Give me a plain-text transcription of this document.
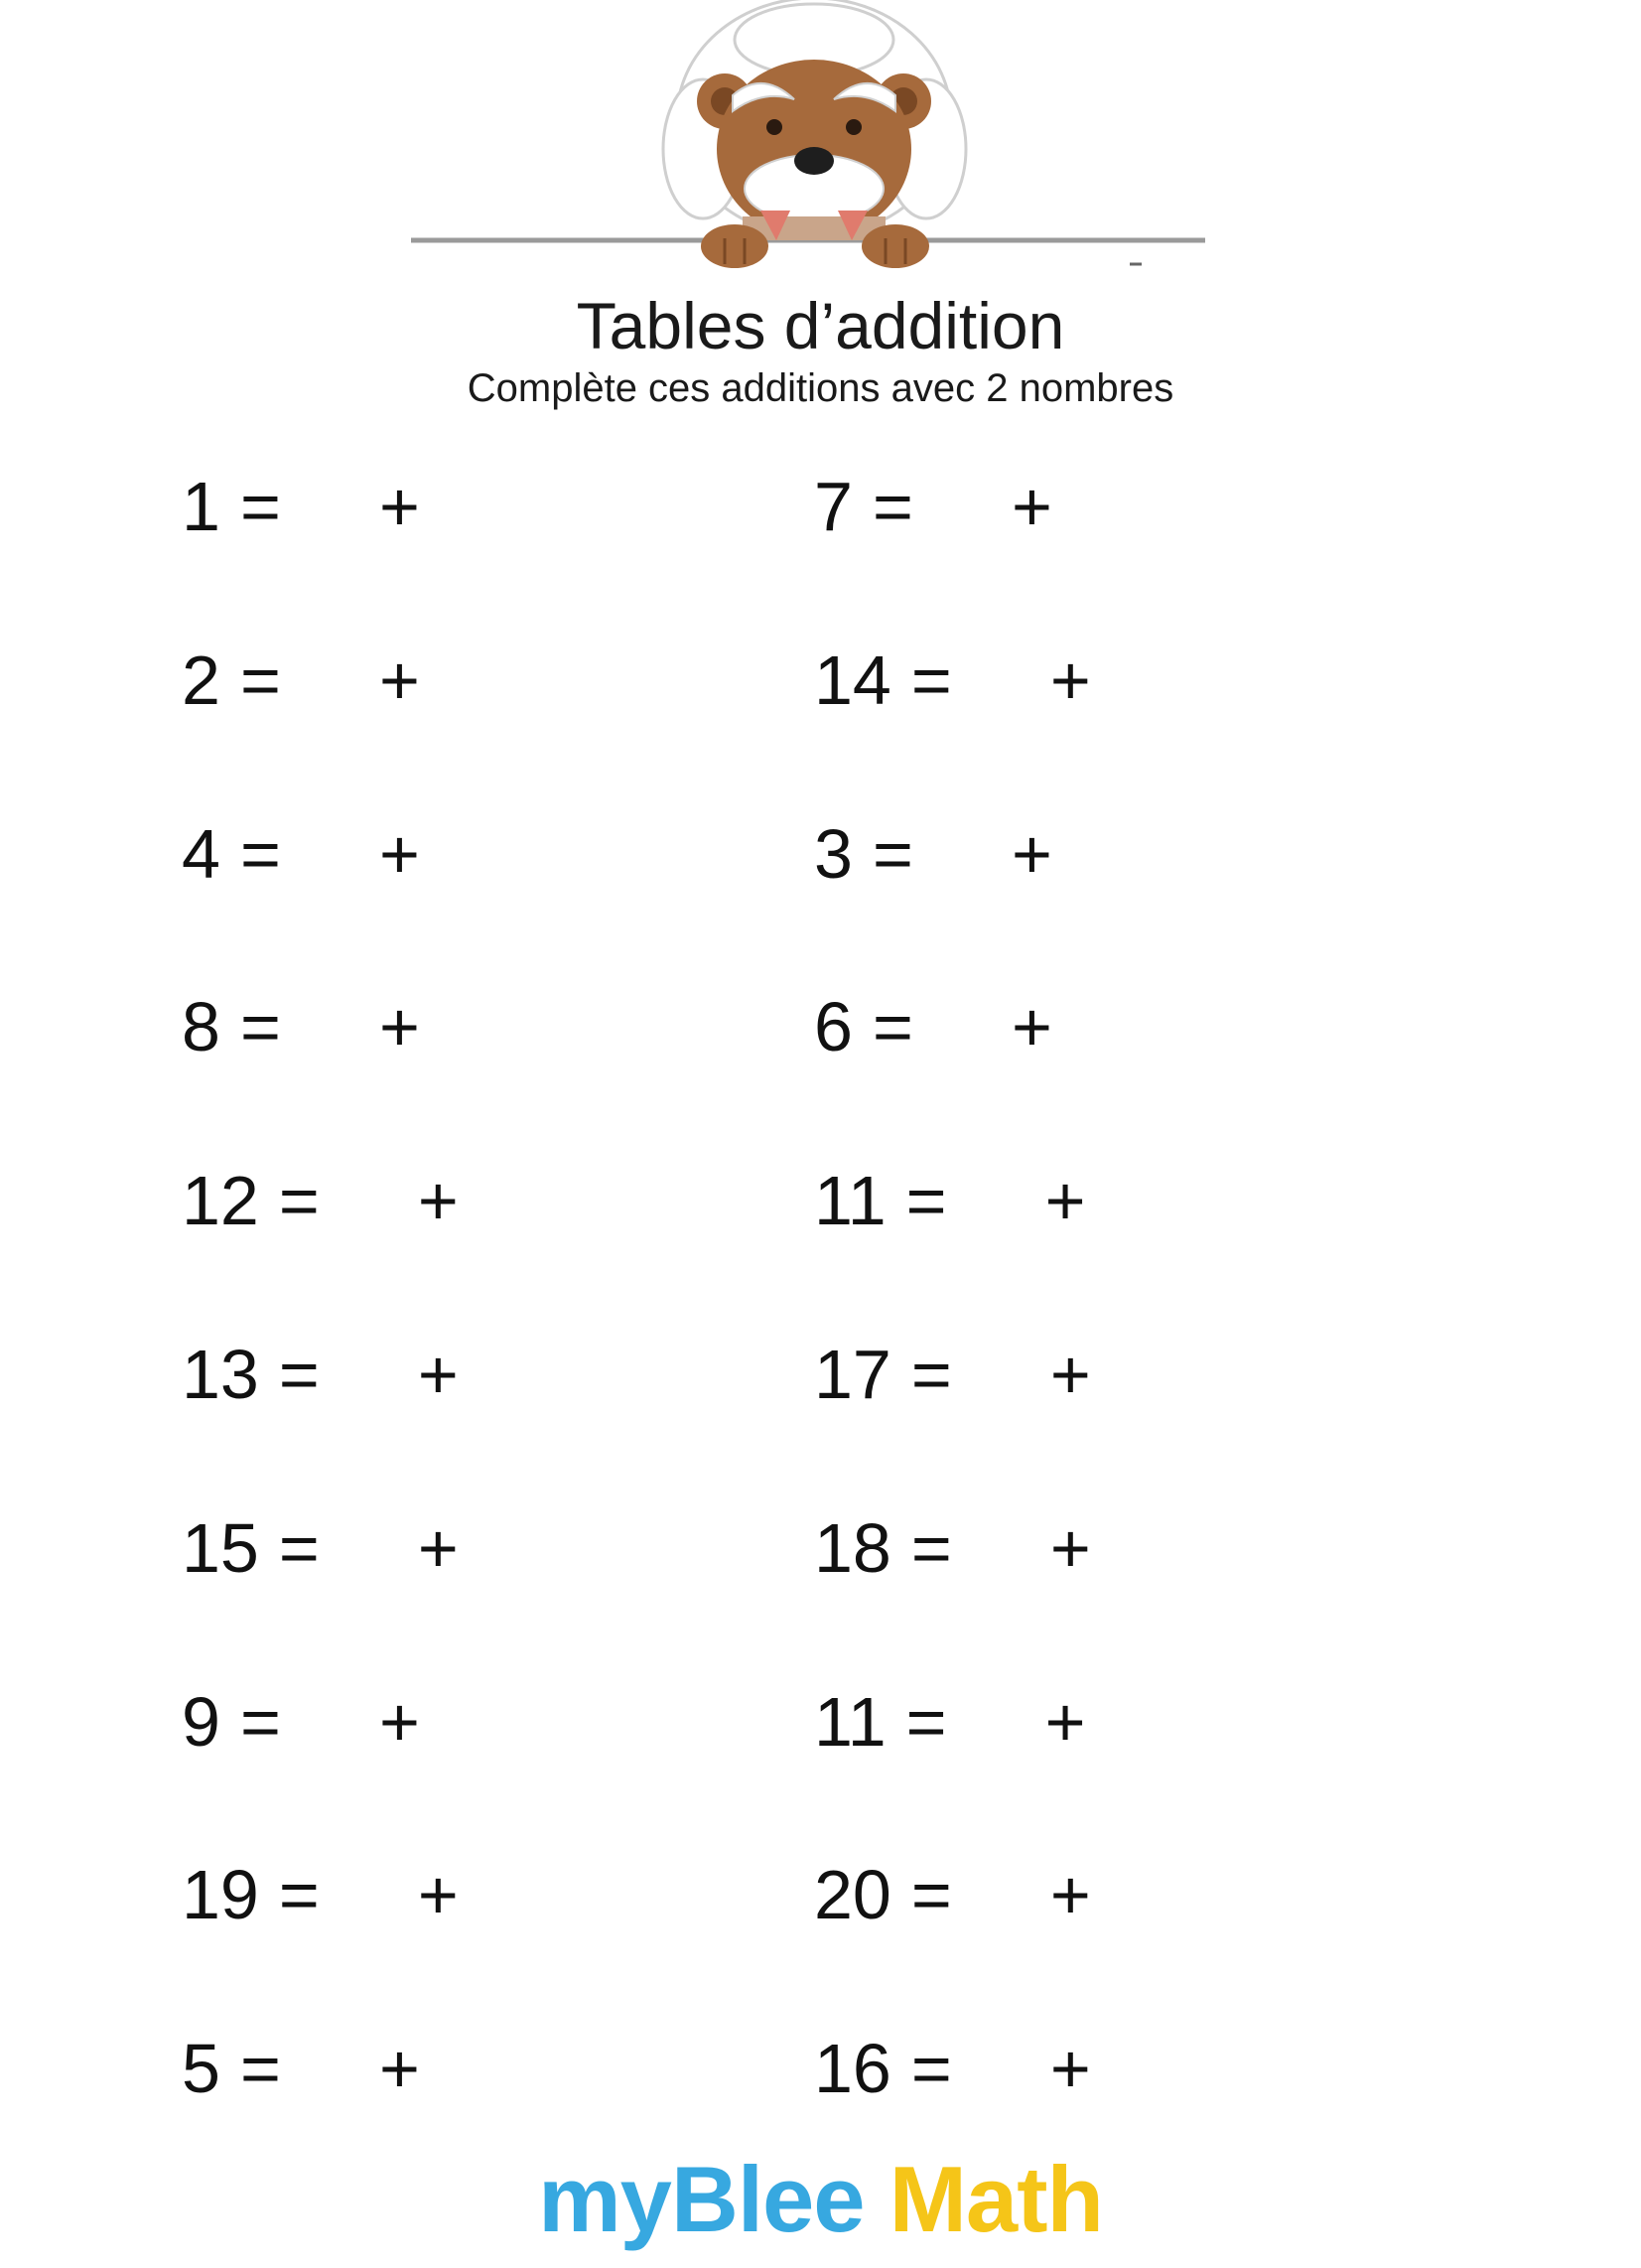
Tables d’addition
Complète ces additions avec 2 nombres
1 = +
2 = +
4 = +
8 = +
12 = +
13 = +
15 = +
9 = +
19 = +
5 = +
7 = +
14 = +
3 = +
6 = +
11 = +
17 = +
18 = +
11 = +
20 = +
16 = +
myBlee Math
